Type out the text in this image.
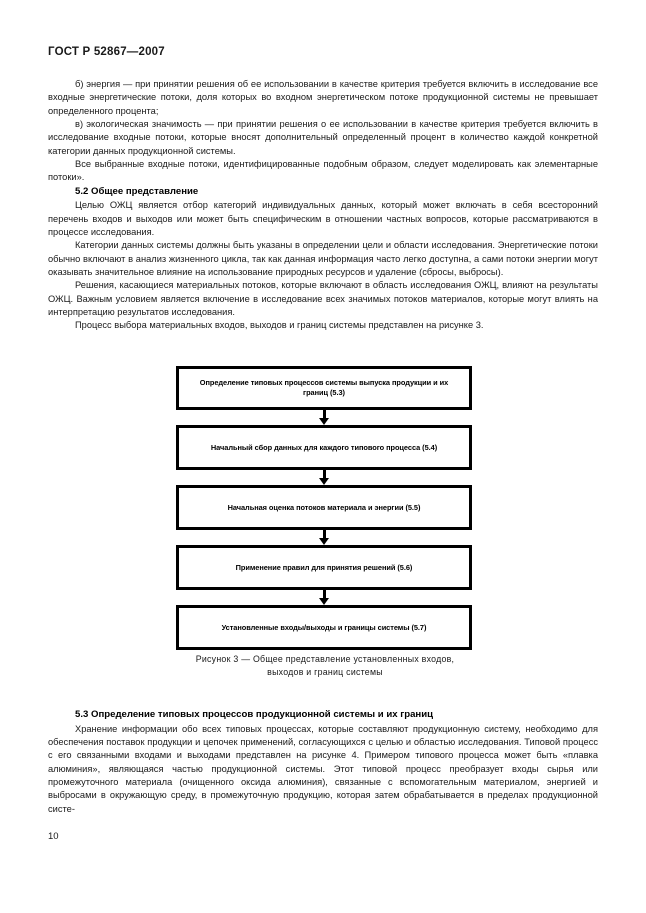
ГОСТ Р 52867—2007

б) энергия — при принятии решения об ее использовании в качестве критерия требуется включить в исследование все входные энергетические потоки, доля которых во входном энергетическом потоке продукционной системы не превышает определенного процента;

в) экологическая значимость — при принятии решения о ее использовании в качестве критерия требуется включить в исследование входные потоки, которые вносят дополнительный определенный процент в количество каждой конкретной категории данных продукционной системы.

Все выбранные входные потоки, идентифицированные подобным образом, следует моделировать как элементарные потоки».

5.2 Общее представление

Целью ОЖЦ является отбор категорий индивидуальных данных, который может включать в себя всесторонний перечень входов и выходов или может быть специфическим в отношении частных вопросов, которые рассматриваются в процессе исследования.

Категории данных системы должны быть указаны в определении цели и области исследования. Энергетические потоки обычно включают в анализ жизненного цикла, так как данная информация часто легко доступна, а сами потоки энергии могут оказывать значительное влияние на использование природных ресурсов и удаление (сбросы, выбросы).

Решения, касающиеся материальных потоков, которые включают в область исследования ОЖЦ, влияют на результаты ОЖЦ. Важным условием является включение в исследование всех значимых потоков материалов, которые могут влиять на интерпретацию результатов исследования.

Процесс выбора материальных входов, выходов и границ системы представлен на рисунке 3.

Определение типовых процессов системы выпуска продукции и их границ (5.3)
Начальный сбор данных для каждого типового процесса (5.4)
Начальная оценка потоков материала и энергии (5.5)
Применение правил для принятия решений (5.6)
Установленные входы/выходы и границы системы (5.7)
Рисунок 3 — Общее представление установленных входов,
выходов и границ системы
5.3 Определение типовых процессов продукционной системы и их границ

Хранение информации обо всех типовых процессах, которые составляют продукционную систему, необходимо для обеспечения поставок продукции и цепочек применений, согласующихся с целью и областью исследования. Типовой процесс с его связанными входами и выходами представлен на рисунке 4. Примером типового процесса может быть «плавка алюминия», являющаяся частью продукционной системы. Этот типовой процесс преобразует входы сырья или промежуточного материала (очищенного оксида алюминия), связанные с вспомогательным материалом, энергией и выбросами в окружающую среду, в промежуточную продукцию, которая затем обрабатывается в пределах продукционной систе-

10
